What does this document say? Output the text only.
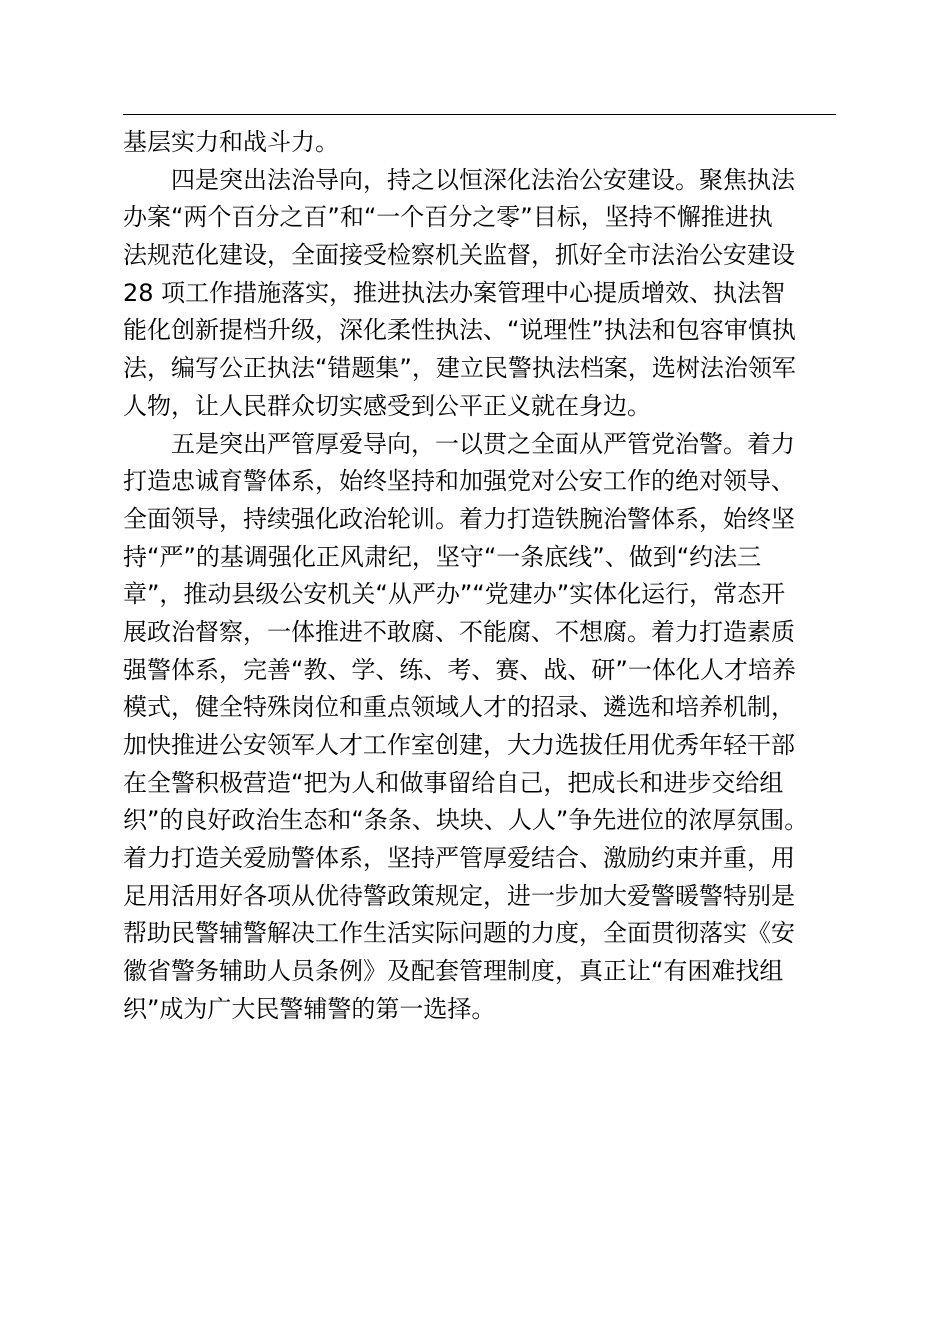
基层实力和战斗力。
四是突出法治导向，持之以恒深化法治公安建设。聚焦执法
办案“两个百分之百”和“一个百分之零”目标，坚持不懈推进执
法规范化建设，全面接受检察机关监督，抓好全市法治公安建设
28 项工作措施落实，推进执法办案管理中心提质增效、执法智
能化创新提档升级，深化柔性执法、“说理性”执法和包容审慎执
法，编写公正执法“错题集”，建立民警执法档案，选树法治领军
人物，让人民群众切实感受到公平正义就在身边。
五是突出严管厚爱导向，一以贯之全面从严管党治警。着力
打造忠诚育警体系，始终坚持和加强党对公安工作的绝对领导、
全面领导，持续强化政治轮训。着力打造铁腕治警体系，始终坚
持“严”的基调强化正风肃纪，坚守“一条底线”、做到“约法三
章”，推动县级公安机关“从严办”“党建办”实体化运行，常态开
展政治督察，一体推进不敢腐、不能腐、不想腐。着力打造素质
强警体系，完善“教、学、练、考、赛、战、研”一体化人才培养
模式，健全特殊岗位和重点领域人才的招录、遴选和培养机制，
加快推进公安领军人才工作室创建，大力选拔任用优秀年轻干部
在全警积极营造“把为人和做事留给自己，把成长和进步交给组
织”的良好政治生态和“条条、块块、人人”争先进位的浓厚氛围。
着力打造关爱励警体系，坚持严管厚爱结合、激励约束并重，用
足用活用好各项从优待警政策规定，进一步加大爱警暖警特别是
帮助民警辅警解决工作生活实际问题的力度，全面贯彻落实《安
徽省警务辅助人员条例》及配套管理制度，真正让“有困难找组
织”成为广大民警辅警的第一选择。
